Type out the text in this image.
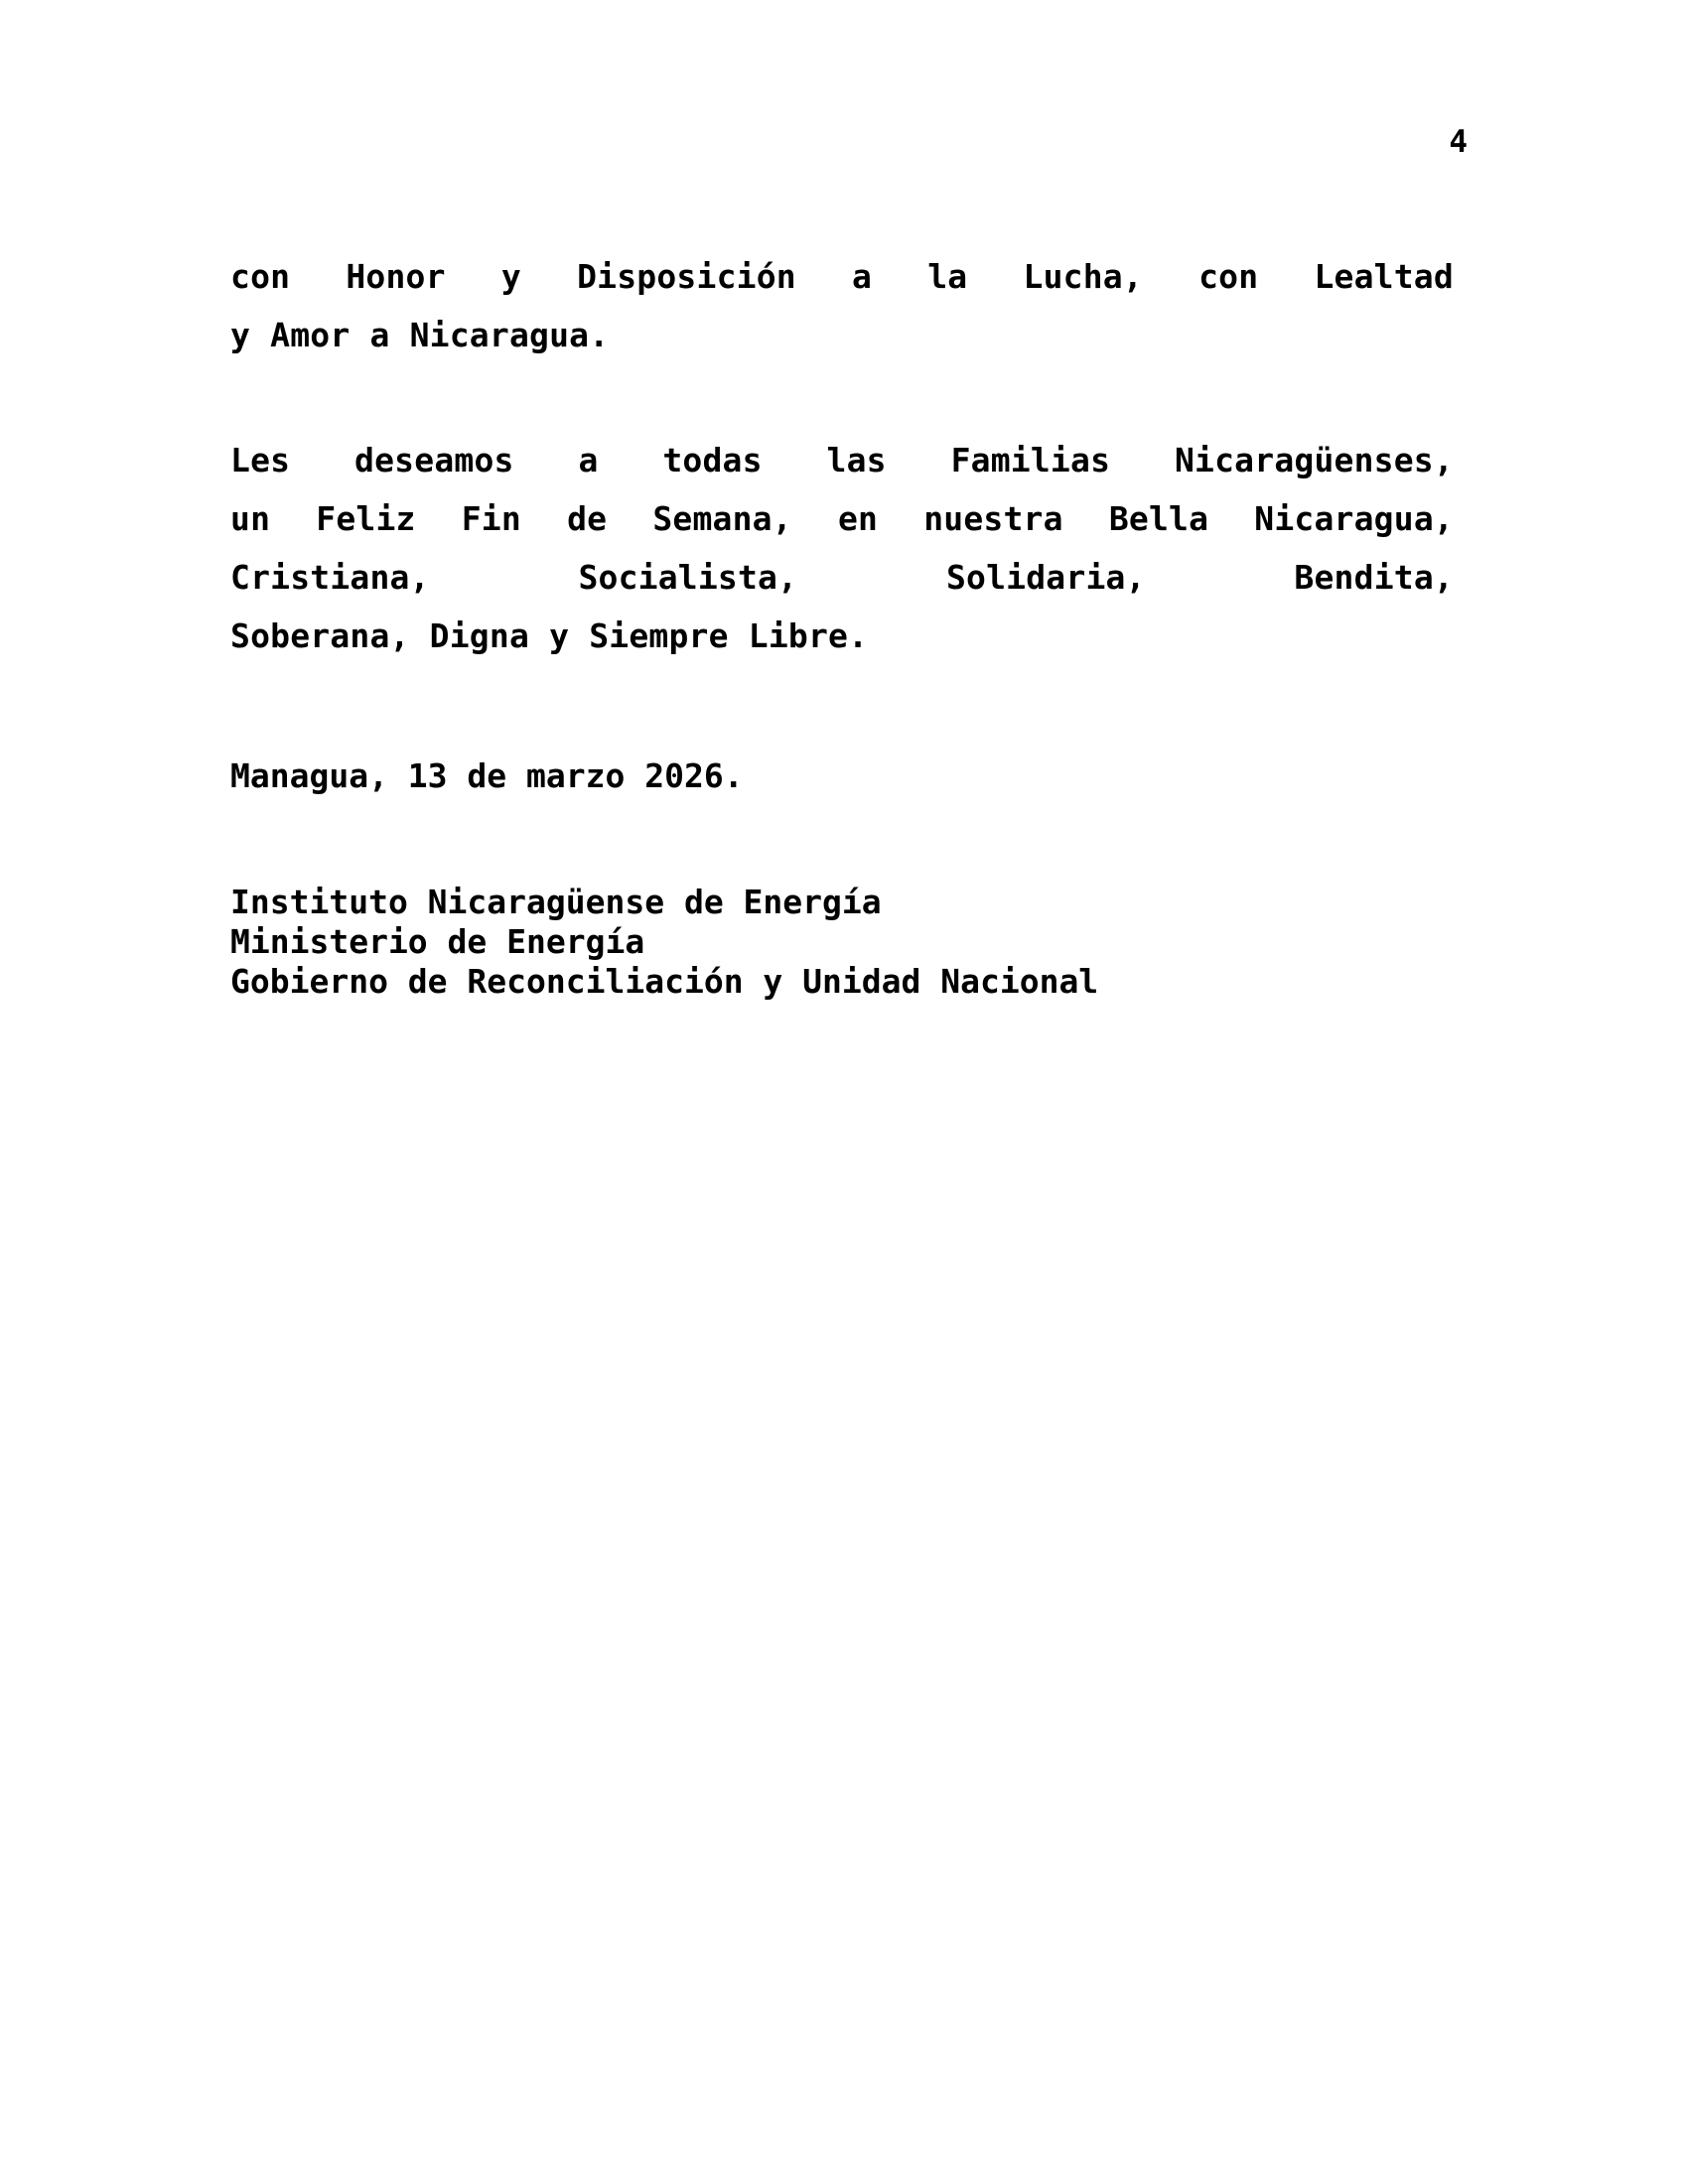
4
con Honor y Disposición a la Lucha, con Lealtad
y Amor a Nicaragua.
Les deseamos a todas las Familias Nicaragüenses,
un Feliz Fin de Semana, en nuestra Bella Nicaragua,
Cristiana,	Socialista,	Solidaria,	Bendita,
Soberana, Digna y Siempre Libre.
Managua, 13 de marzo 2026.
Instituto Nicaragüense de Energía
Ministerio de Energía
Gobierno de Reconciliación y Unidad Nacional
